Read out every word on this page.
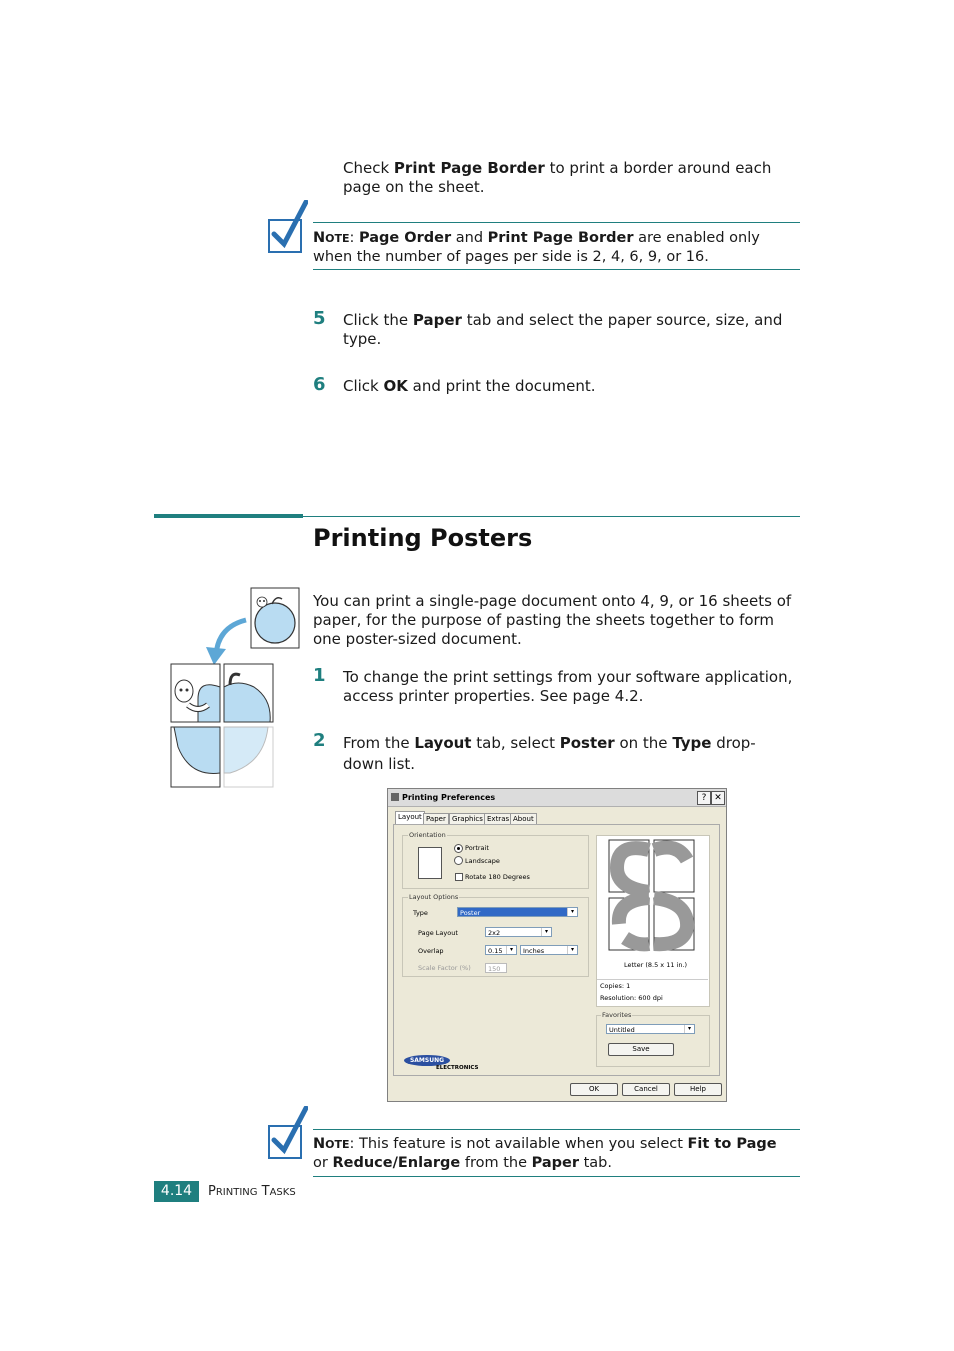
Check Print Page Border to print a border around each
page on the sheet.
NOTE: Page Order and Print Page Border are enabled only
when the number of pages per side is 2, 4, 6, 9, or 16.
5 Click the Paper tab and select the paper source, size, and
type.
6 Click OK and print the document.
Printing Posters
You can print a single-page document onto 4, 9, or 16 sheets of
paper, for the purpose of pasting the sheets together to form
one poster-sized document.
1 To change the print settings from your software application,
access printer properties. See page 4.2.
2 From the Layout tab, select Poster on the Type drop-
down list.
Printing Preferences	? ✕
Layout Paper Graphics Extras About
Orientation
Portrait
Landscape
Rotate 180 Degrees
Layout Options
Type	Poster	▾
Page Layout	2x2	▾
Overlap	0.15	▾	Inches	▾
Scale Factor (%)	150	Letter (8.5 x 11 in.)
Copies: 1
Resolution: 600 dpi
Favorites
Untitled	▾
Save
SAMSUNG
ELECTRONICS
OK	Cancel	Help
NOTE: This feature is not available when you select Fit to Page
or Reduce/Enlarge from the Paper tab.
4.14	PRINTING TASKS
